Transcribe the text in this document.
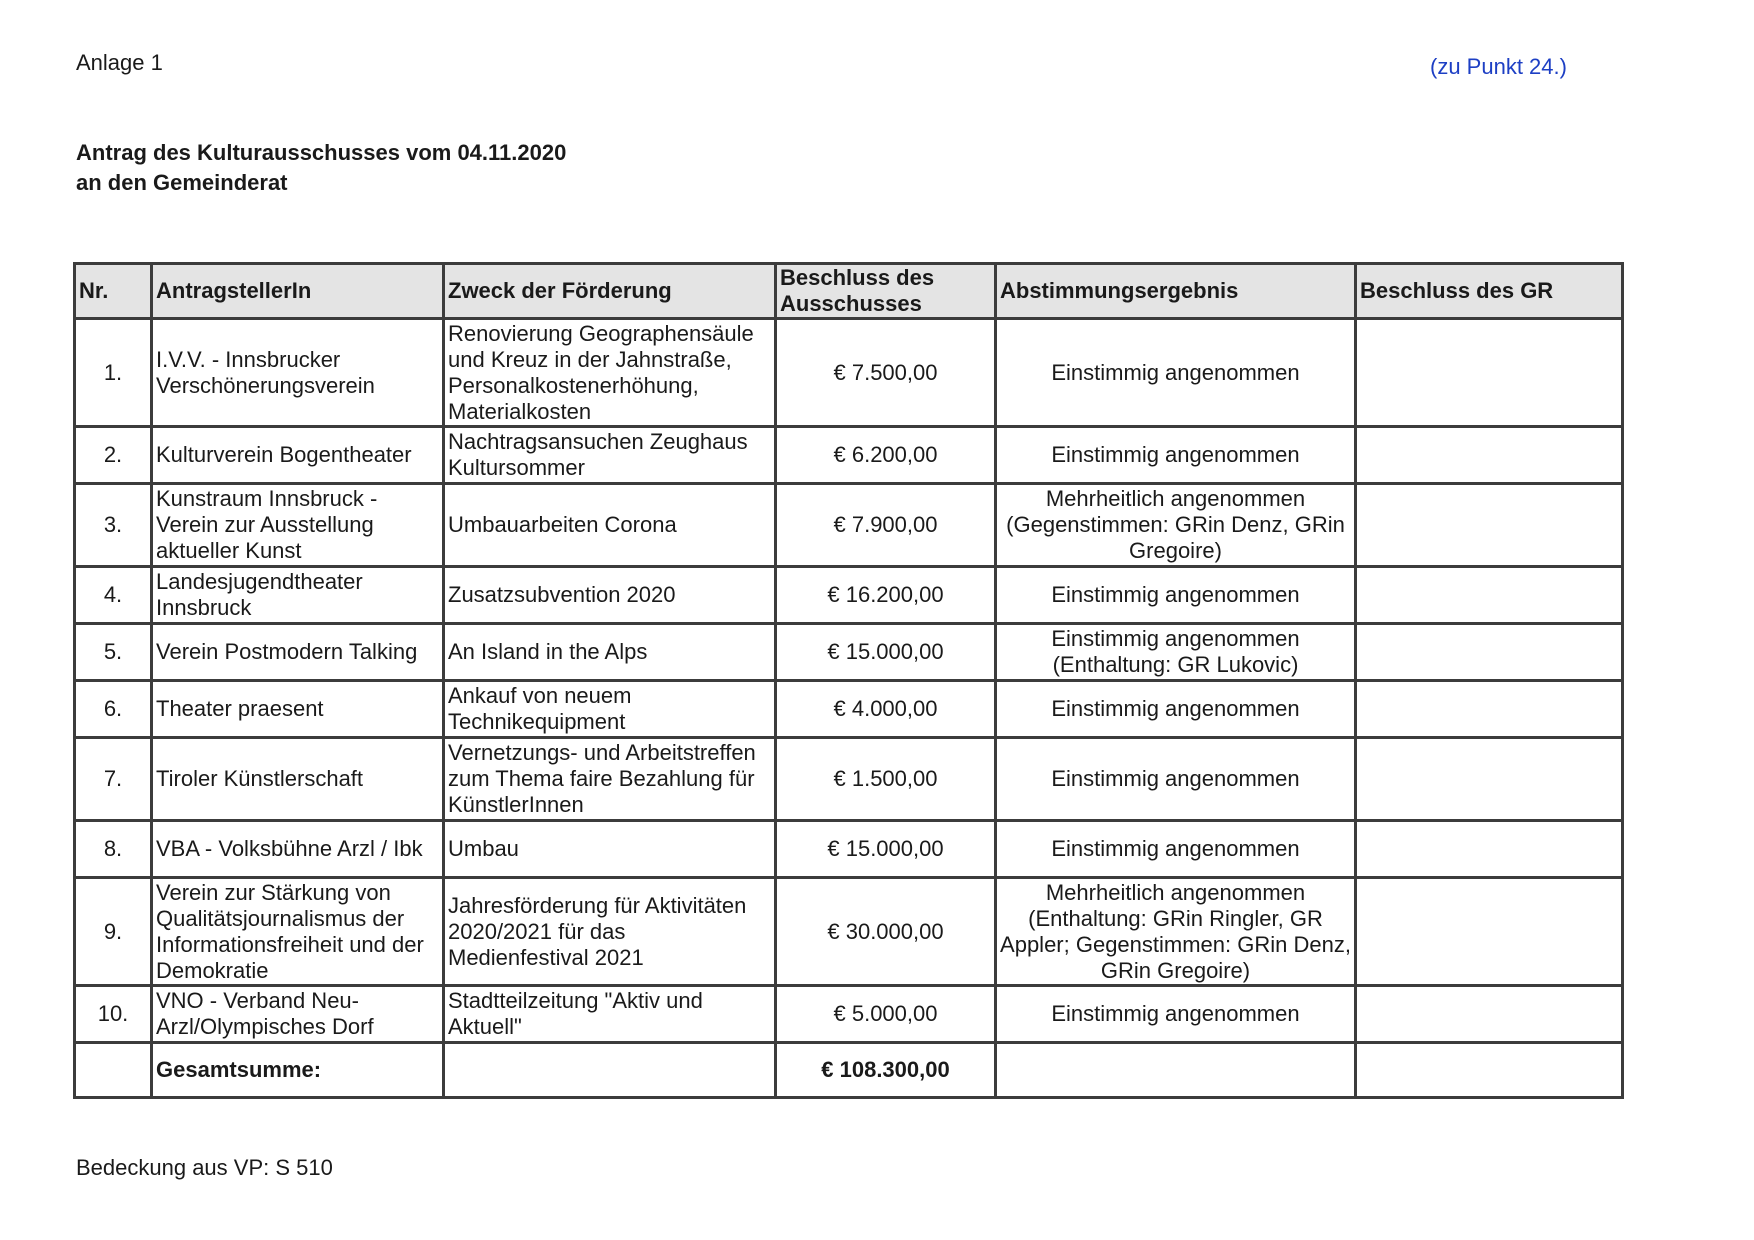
Anlage 1	(zu Punkt 24.)
Antrag des Kulturausschusses vom 04.11.2020
an den Gemeinderat
Nr.	AntragstellerIn	Zweck der Förderung	Beschluss des Ausschusses	Abstimmungsergebnis	Beschluss des GR
1.	I.V.V. - Innsbrucker Verschönerungsverein	Renovierung Geographensäule und Kreuz in der Jahnstraße, Personalkostenerhöhung, Materialkosten	€ 7.500,00	Einstimmig angenommen	
2.	Kulturverein Bogentheater	Nachtragsansuchen Zeughaus Kultursommer	€ 6.200,00	Einstimmig angenommen	
3.	Kunstraum Innsbruck - Verein zur Ausstellung aktueller Kunst	Umbauarbeiten Corona	€ 7.900,00	Mehrheitlich angenommen (Gegenstimmen: GRin Denz, GRin Gregoire)	
4.	Landesjugendtheater Innsbruck	Zusatzsubvention 2020	€ 16.200,00	Einstimmig angenommen	
5.	Verein Postmodern Talking	An Island in the Alps	€ 15.000,00	Einstimmig angenommen (Enthaltung: GR Lukovic)	
6.	Theater praesent	Ankauf von neuem Technikequipment	€ 4.000,00	Einstimmig angenommen	
7.	Tiroler Künstlerschaft	Vernetzungs- und Arbeitstreffen zum Thema faire Bezahlung für KünstlerInnen	€ 1.500,00	Einstimmig angenommen	
8.	VBA - Volksbühne Arzl / Ibk	Umbau	€ 15.000,00	Einstimmig angenommen	
9.	Verein zur Stärkung von Qualitätsjournalismus der Informationsfreiheit und der Demokratie	Jahresförderung für Aktivitäten 2020/2021 für das Medienfestival 2021	€ 30.000,00	Mehrheitlich angenommen (Enthaltung: GRin Ringler, GR Appler; Gegenstimmen: GRin Denz, GRin Gregoire)	
10.	VNO - Verband Neu-Arzl/Olympisches Dorf	Stadtteilzeitung "Aktiv und Aktuell"	€ 5.000,00	Einstimmig angenommen	
	Gesamtsumme:		€ 108.300,00		
Bedeckung aus VP: S 510
